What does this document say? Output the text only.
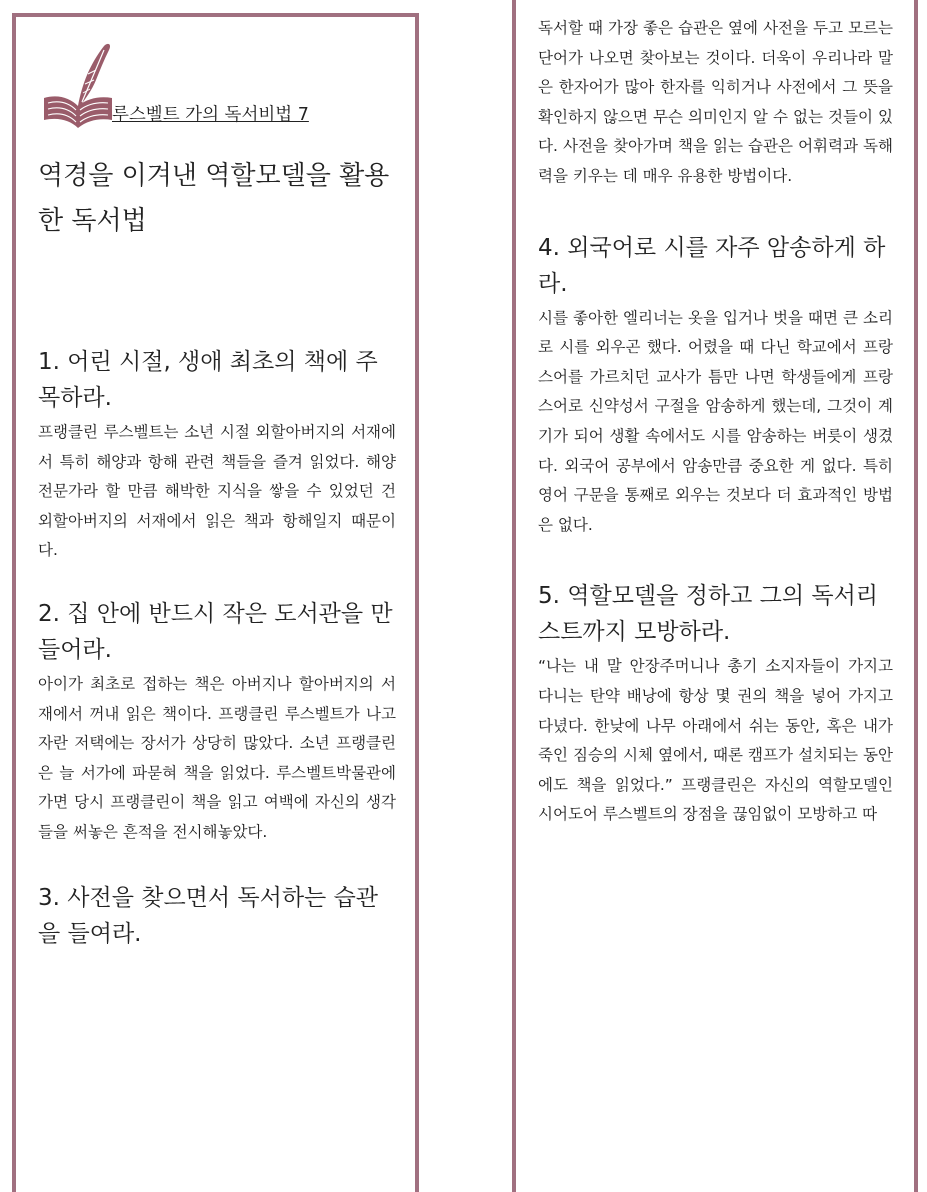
루스벨트 가의 독서비법 7
역경을 이겨낸 역할모델을 활용한 독서법
1. 어린 시절, 생애 최초의 책에 주목하라.

프랭클린 루스벨트는 소년 시절 외할아버지의 서재에서 특히 해양과 항해 관련 책들을 즐겨 읽었다. 해양전문가라 할 만큼 해박한 지식을 쌓을 수 있었던 건 외할아버지의 서재에서 읽은 책과 항해일지 때문이다.

2. 집 안에 반드시 작은 도서관을 만들어라.

아이가 최초로 접하는 책은 아버지나 할아버지의 서재에서 꺼내 읽은 책이다. 프랭클린 루스벨트가 나고 자란 저택에는 장서가 상당히 많았다. 소년 프랭클린은 늘 서가에 파묻혀 책을 읽었다. 루스벨트박물관에 가면 당시 프랭클린이 책을 읽고 여백에 자신의 생각들을 써놓은 흔적을 전시해놓았다.

3. 사전을 찾으면서 독서하는 습관을 들여라.

독서할 때 가장 좋은 습관은 옆에 사전을 두고 모르는 단어가 나오면 찾아보는 것이다. 더욱이 우리나라 말은 한자어가 많아 한자를 익히거나 사전에서 그 뜻을 확인하지 않으면 무슨 의미인지 알 수 없는 것들이 있다. 사전을 찾아가며 책을 읽는 습관은 어휘력과 독해력을 키우는 데 매우 유용한 방법이다.

4. 외국어로 시를 자주 암송하게 하라.

시를 좋아한 엘리너는 옷을 입거나 벗을 때면 큰 소리로 시를 외우곤 했다. 어렸을 때 다닌 학교에서 프랑스어를 가르치던 교사가 틈만 나면 학생들에게 프랑스어로 신약성서 구절을 암송하게 했는데, 그것이 계기가 되어 생활 속에서도 시를 암송하는 버릇이 생겼다. 외국어 공부에서 암송만큼 중요한 게 없다. 특히 영어 구문을 통째로 외우는 것보다 더 효과적인 방법은 없다.

5. 역할모델을 정하고 그의 독서리스트까지 모방하라.

“나는 내 말 안장주머니나 총기 소지자들이 가지고 다니는 탄약 배낭에 항상 몇 권의 책을 넣어 가지고 다녔다. 한낮에 나무 아래에서 쉬는 동안, 혹은 내가 죽인 짐승의 시체 옆에서, 때론 캠프가 설치되는 동안에도 책을 읽었다.” 프랭클린은 자신의 역할모델인 시어도어 루스벨트의 장점을 끊임없이 모방하고 따
